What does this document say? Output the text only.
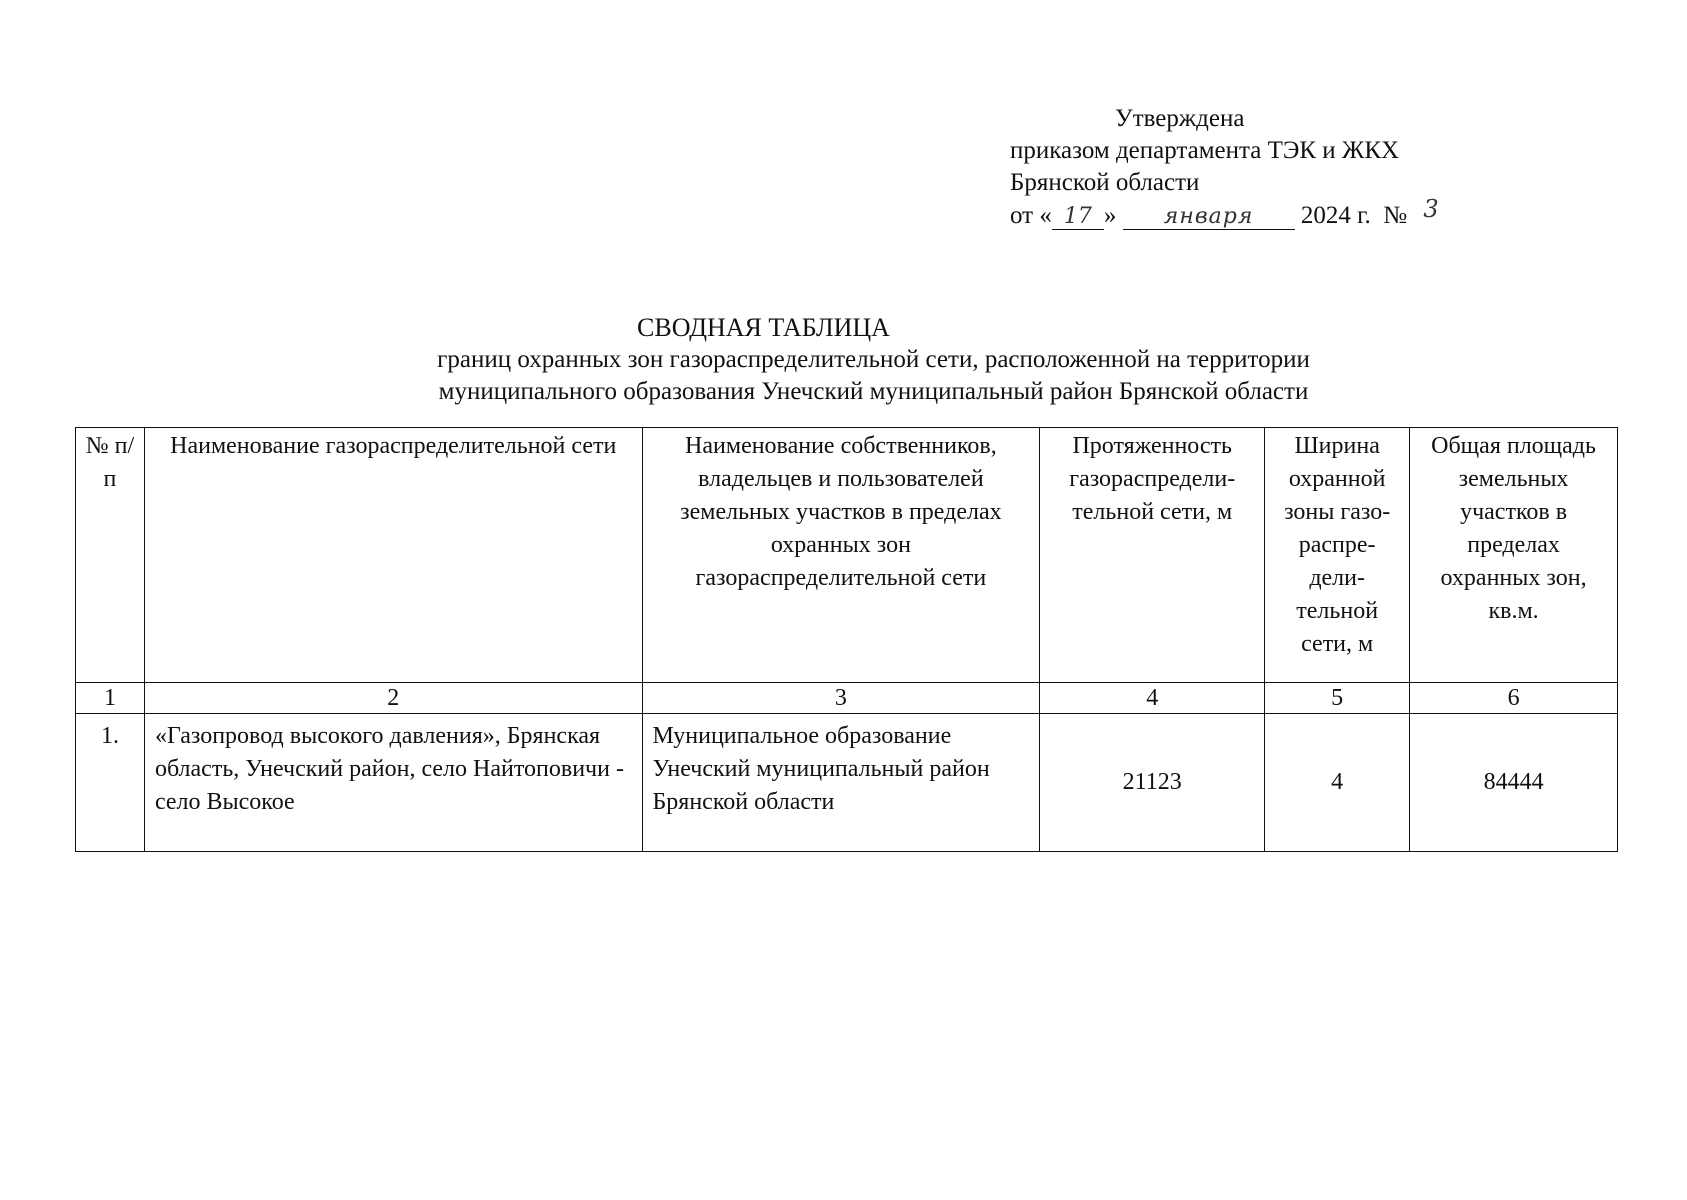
Утверждена
приказом департамента ТЭК и ЖКХ
Брянской области
от « 17 » января 2024 г. № 3
СВОДНАЯ ТАБЛИЦА
границ охранных зон газораспределительной сети, расположенной на территории
муниципального образования Унечский муниципальный район Брянской области
№ п/п	Наименование газораспределительной сети	Наименование собственников, владельцев и пользователей земельных участков в пределах охранных зон газораспределительной сети	Протяженность газораспредели-тельной сети, м	Ширина охранной зоны газо-распре-дели-тельной сети, м	Общая площадь земельных участков в пределах охранных зон, кв.м.
1	2	3	4	5	6
1.	«Газопровод высокого давления», Брянская область, Унечский район, село Найтоповичи - село Высокое	Муниципальное образование Унечский муниципальный район Брянской области	21123	4	84444
